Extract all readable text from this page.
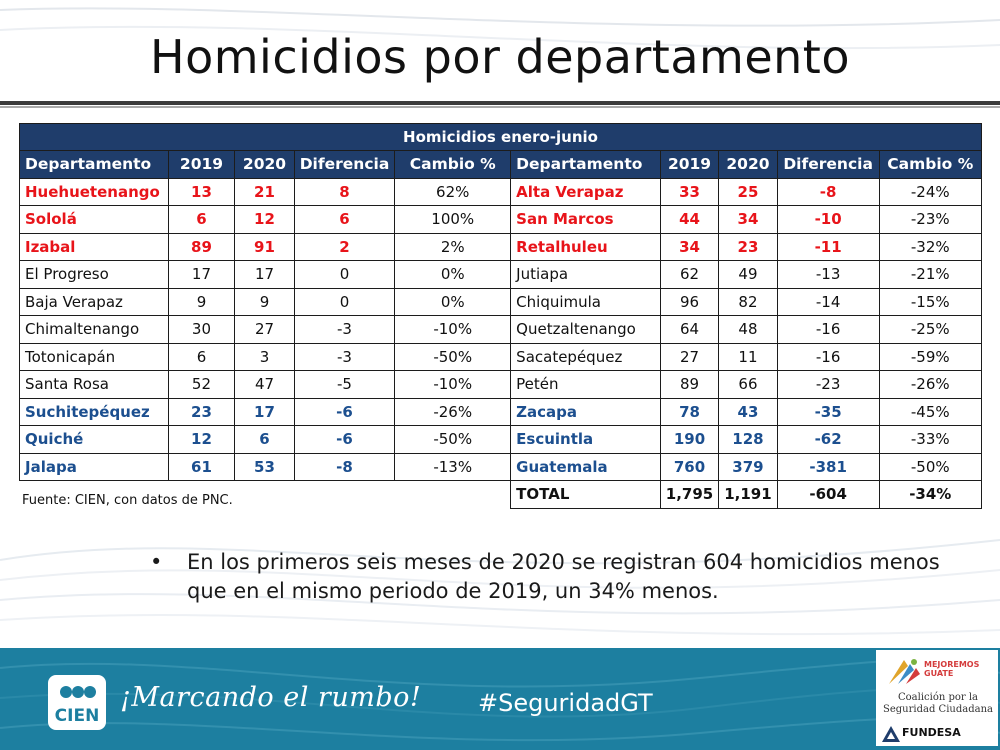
Homicidios por departamento
Homicidios enero-junio									
Departamento	2019	2020	Diferencia	Cambio %	Departamento	2019	2020	Diferencia	Cambio %
Huehuetenango	13	21	8	62%	Alta Verapaz	33	25	-8	-24%
Sololá	6	12	6	100%	San Marcos	44	34	-10	-23%
Izabal	89	91	2	2%	Retalhuleu	34	23	-11	-32%
El Progreso	17	17	0	0%	Jutiapa	62	49	-13	-21%
Baja Verapaz	9	9	0	0%	Chiquimula	96	82	-14	-15%
Chimaltenango	30	27	-3	-10%	Quetzaltenango	64	48	-16	-25%
Totonicapán	6	3	-3	-50%	Sacatepéquez	27	11	-16	-59%
Santa Rosa	52	47	-5	-10%	Petén	89	66	-23	-26%
Suchitepéquez	23	17	-6	-26%	Zacapa	78	43	-35	-45%
Quiché	12	6	-6	-50%	Escuintla	190	128	-62	-33%
Jalapa	61	53	-8	-13%	Guatemala	760	379	-381	-50%
					TOTAL	1,795	1,191	-604	-34%
Fuente: CIEN, con datos de PNC.
• En los primeros seis meses de 2020 se registran 604 homicidios menos que en el mismo periodo de 2019, un 34% menos.
CIEN
¡Marcando el rumbo! #SeguridadGT
MEJOREMOS
GUATE
Coalición por la
Seguridad Ciudadana
FUNDESA
